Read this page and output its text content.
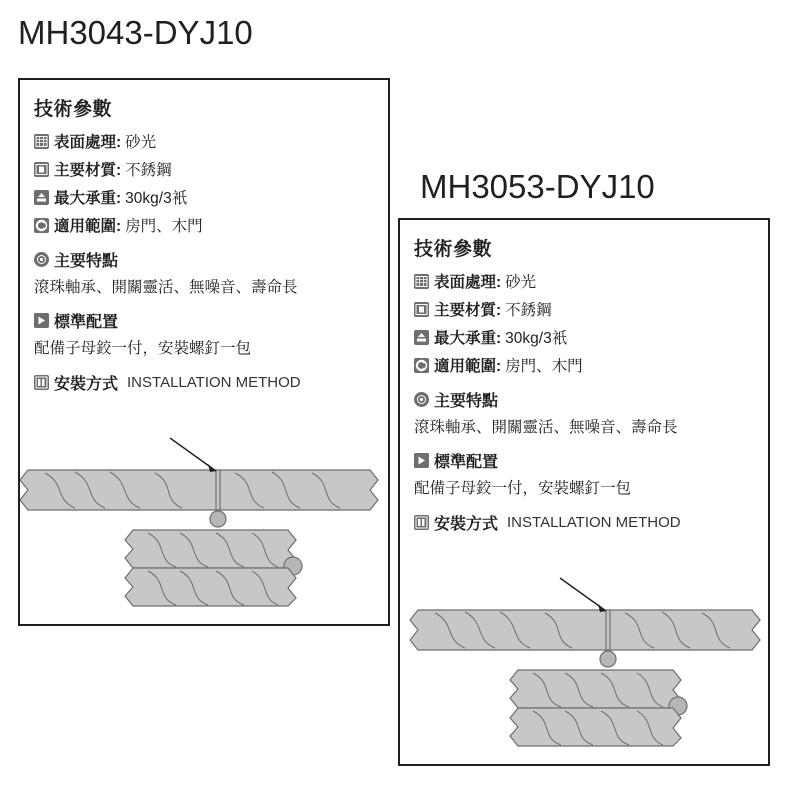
MH3043-DYJ10
技術參數
表面處理: 砂光
主要材質: 不銹鋼
最大承重: 30kg/3衹
適用範圍: 房門、木門
主要特點
滾珠軸承、開關靈活、無噪音、壽命長
標準配置
配備子母鉸一付，安裝螺釘一包
安裝方式 INSTALLATION METHOD
MH3053-DYJ10
技術參數
表面處理: 砂光
主要材質: 不銹鋼
最大承重: 30kg/3衹
適用範圍: 房門、木門
主要特點
滾珠軸承、開關靈活、無噪音、壽命長
標準配置
配備子母鉸一付，安裝螺釘一包
安裝方式 INSTALLATION METHOD
